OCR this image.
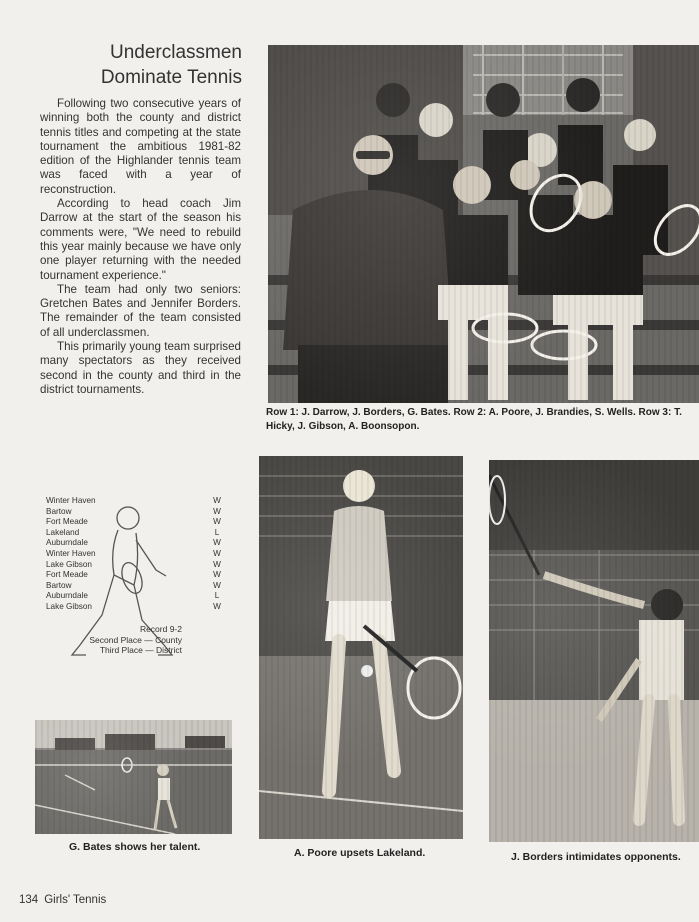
Underclassmen
Dominate Tennis

Following two consecutive years of winning both the county and district tennis titles and competing at the state tournament the ambitious 1981-82 edition of the Highlander tennis team was faced with a year of reconstruction.

According to head coach Jim Darrow at the start of the season his comments were, "We need to rebuild this year mainly because we have only one player returning with the needed tournament experience."

The team had only two seniors: Gretchen Bates and Jennifer Borders. The remainder of the team consisted of all underclassmen.

This primarily young team surprised many spectators as they received second in the county and third in the district tournaments.

Row 1: J. Darrow, J. Borders, G. Bates. Row 2: A. Poore, J. Brandies, S. Wells. Row 3: T.
Hicky, J. Gibson, A. Boonsopon.
Winter Haven	W
Bartow	W
Fort Meade	W
Lakeland	L
Auburndale	W
Winter Haven	W
Lake Gibson	W
Fort Meade	W
Bartow	W
Auburndale	L
Lake Gibson	W
Record 9-2
Second Place — County
Third Place — District
G. Bates shows her talent.	A. Poore upsets Lakeland.	J. Borders intimidates opponents.
134 Girls' Tennis
